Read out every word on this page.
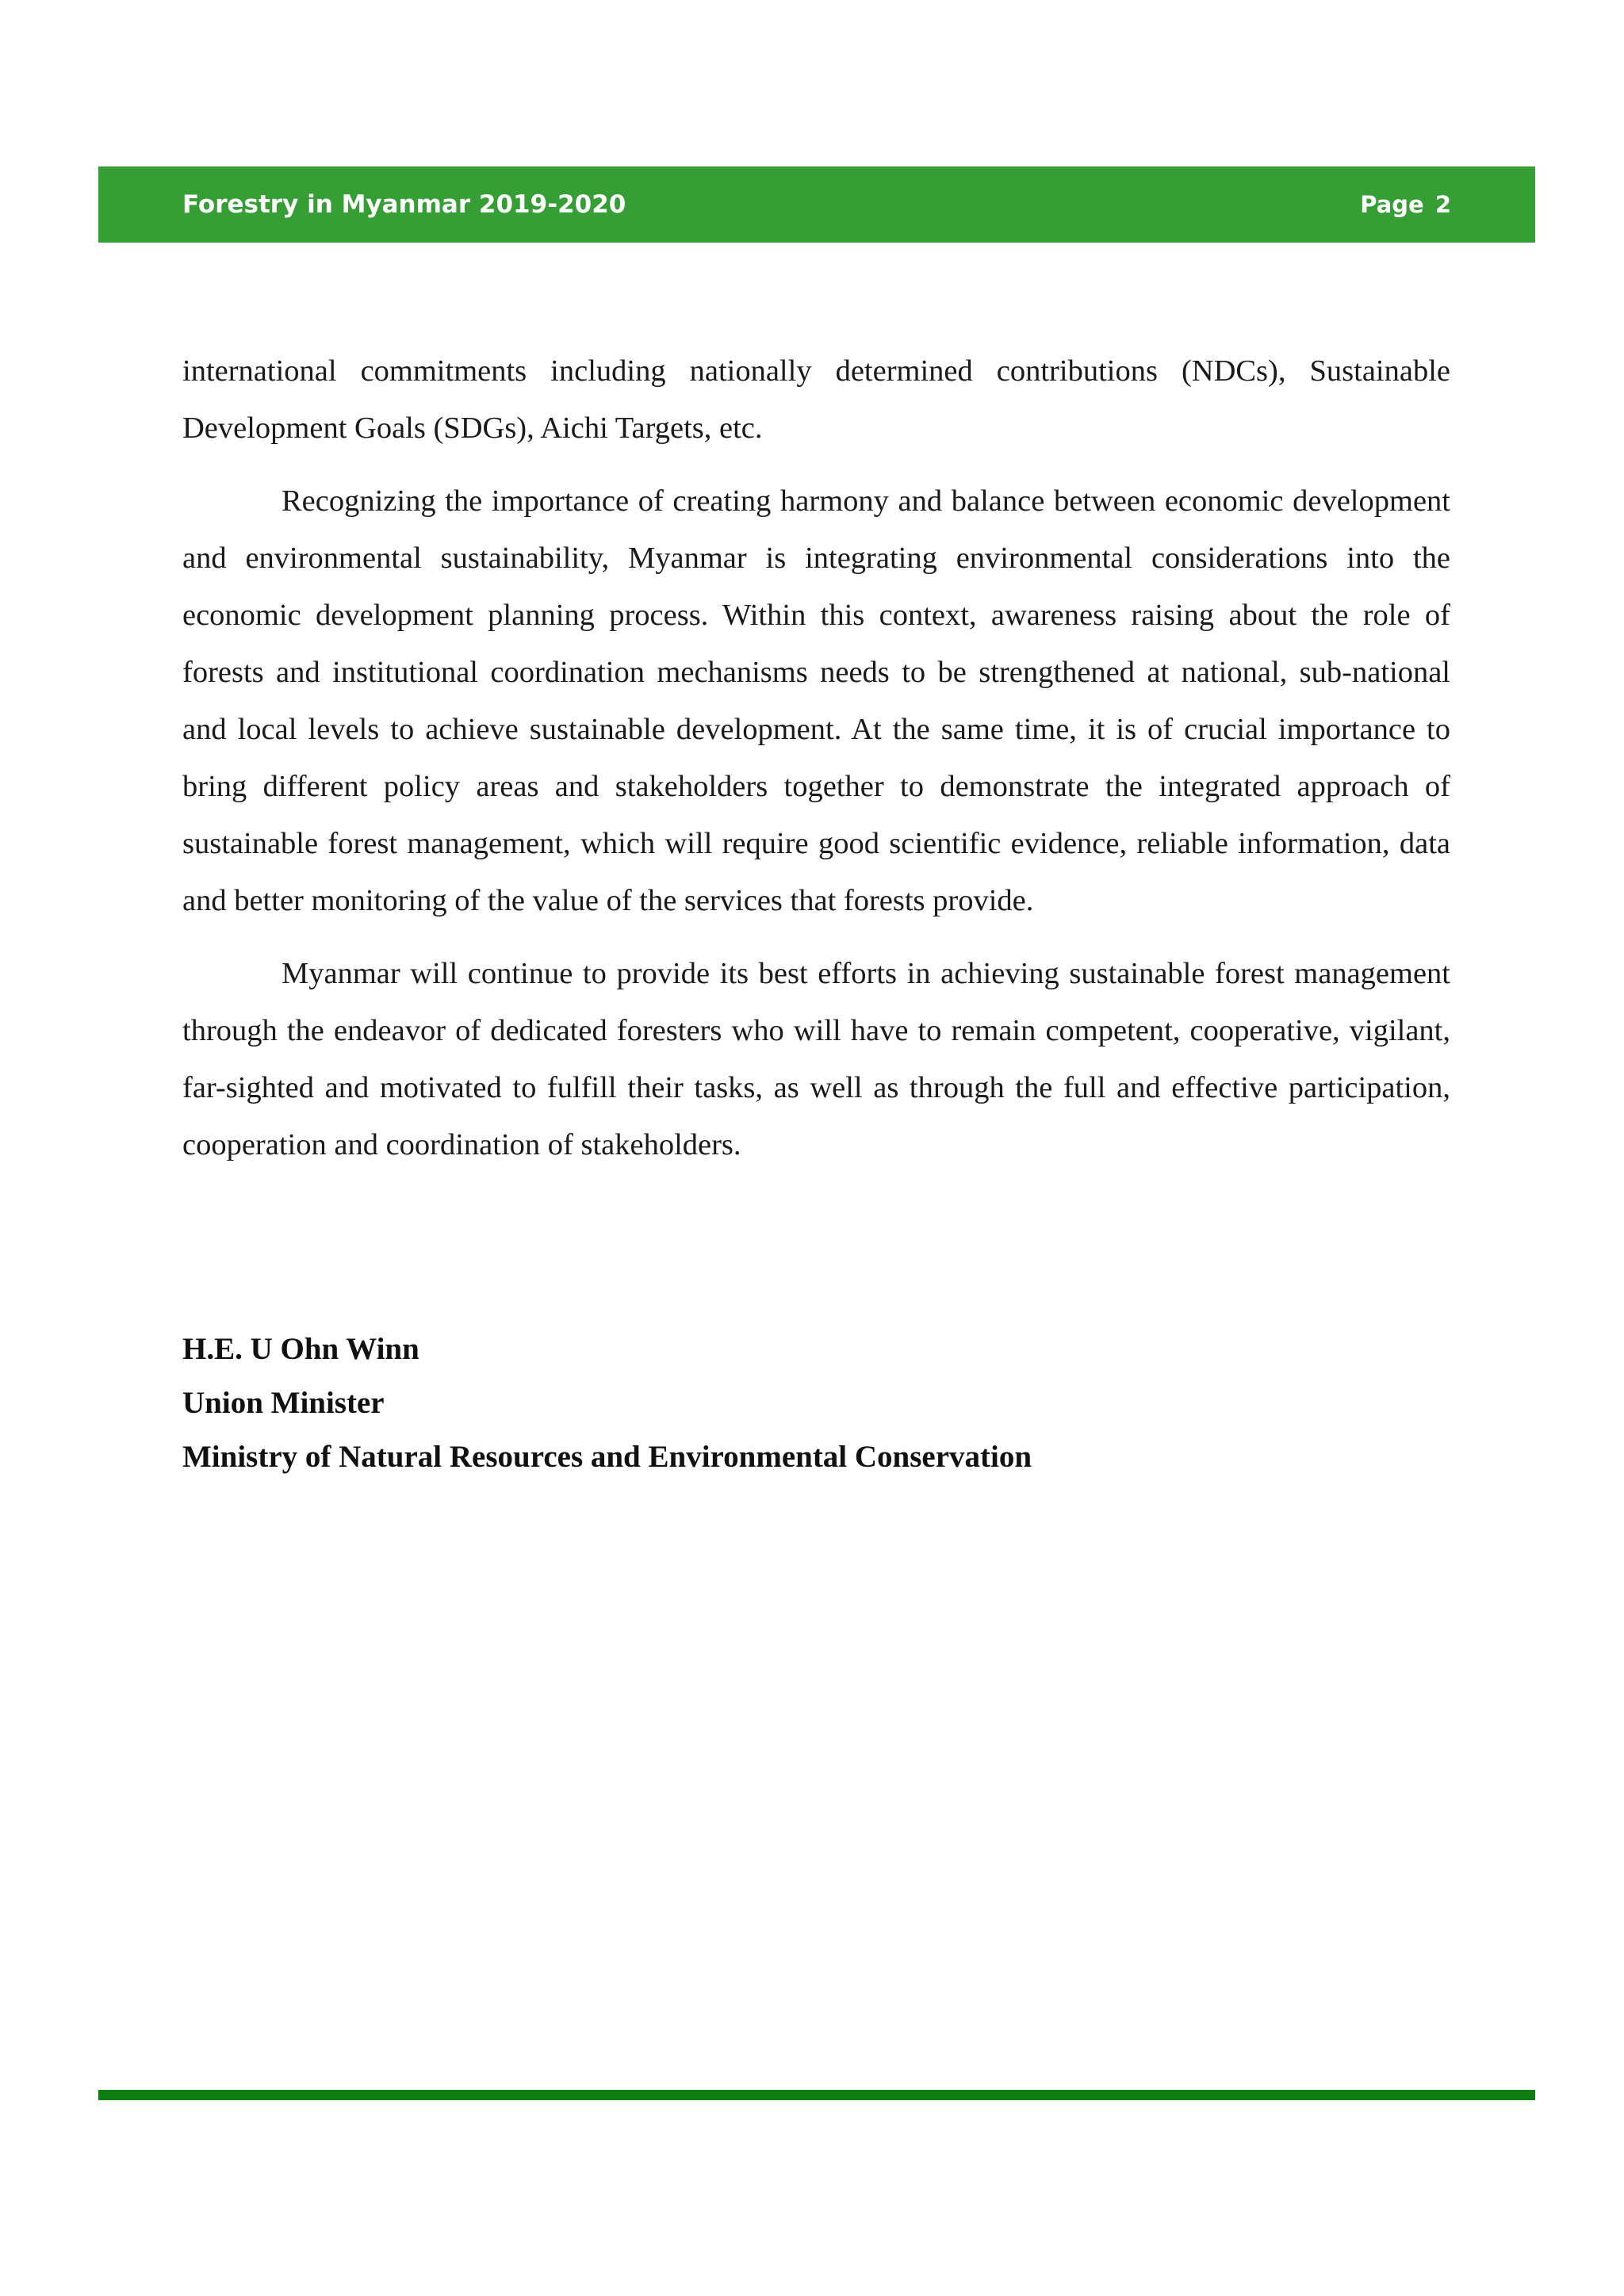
Forestry in Myanmar 2019-2020	Page 2

international commitments including nationally determined contributions (NDCs), Sustainable Development Goals (SDGs), Aichi Targets, etc.

Recognizing the importance of creating harmony and balance between economic development and environmental sustainability, Myanmar is integrating environmental considerations into the economic development planning process. Within this context, awareness raising about the role of forests and institutional coordination mechanisms needs to be strengthened at national, sub-national and local levels to achieve sustainable development. At the same time, it is of crucial importance to bring different policy areas and stakeholders together to demonstrate the integrated approach of sustainable forest management, which will require good scientific evidence, reliable information, data and better monitoring of the value of the services that forests provide.

Myanmar will continue to provide its best efforts in achieving sustainable forest management through the endeavor of dedicated foresters who will have to remain competent, cooperative, vigilant, far-sighted and motivated to fulfill their tasks, as well as through the full and effective participation, cooperation and coordination of stakeholders.

H.E. U Ohn Winn
Union Minister
Ministry of Natural Resources and Environmental Conservation
